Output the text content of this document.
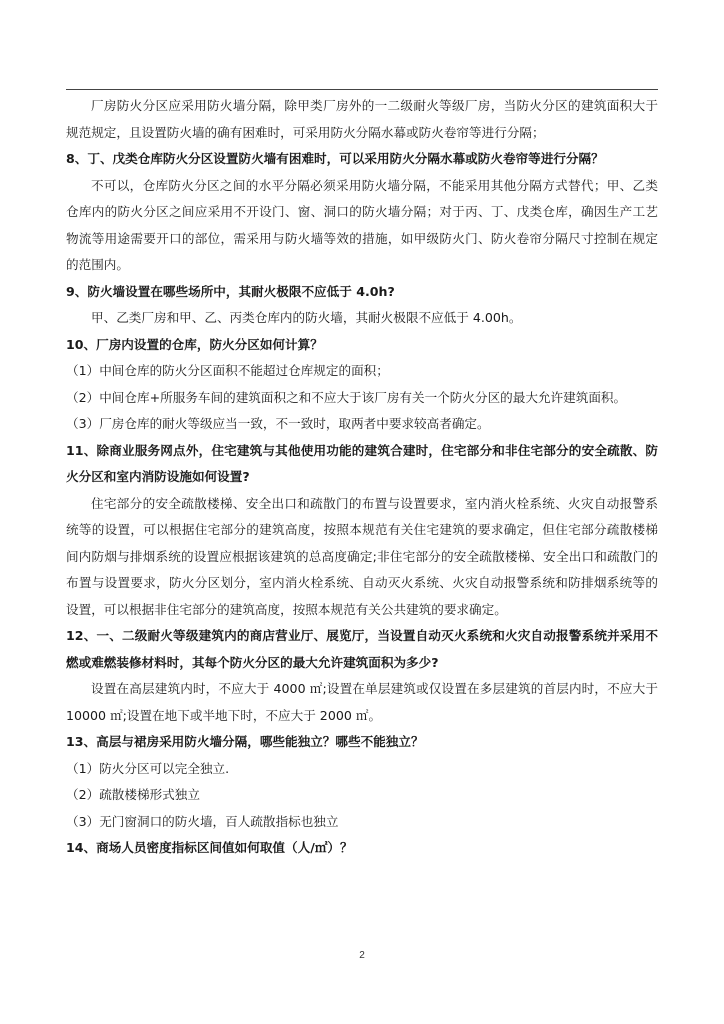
厂房防火分区应采用防火墙分隔，除甲类厂房外的一二级耐火等级厂房，当防火分区的建筑面积大于
规范规定，且设置防火墙的确有困难时，可采用防火分隔水幕或防火卷帘等进行分隔；
8、丁、戊类仓库防火分区设置防火墙有困难时，可以采用防火分隔水幕或防火卷帘等进行分隔？
不可以，仓库防火分区之间的水平分隔必须采用防火墙分隔，不能采用其他分隔方式替代；甲、乙类
仓库内的防火分区之间应采用不开设门、窗、洞口的防火墙分隔；对于丙、丁、戊类仓库，确因生产工艺
物流等用途需要开口的部位，需采用与防火墙等效的措施，如甲级防火门、防火卷帘分隔尺寸控制在规定
的范围内。
9、防火墙设置在哪些场所中，其耐火极限不应低于 4.0h?
甲、乙类厂房和甲、乙、丙类仓库内的防火墙，其耐火极限不应低于 4.00h。
10、厂房内设置的仓库，防火分区如何计算？
（1）中间仓库的防火分区面积不能超过仓库规定的面积；
（2）中间仓库+所服务车间的建筑面积之和不应大于该厂房有关一个防火分区的最大允许建筑面积。
（3）厂房仓库的耐火等级应当一致，不一致时，取两者中要求较高者确定。
11、除商业服务网点外，住宅建筑与其他使用功能的建筑合建时，住宅部分和非住宅部分的安全疏散、防
火分区和室内消防设施如何设置?
住宅部分的安全疏散楼梯、安全出口和疏散门的布置与设置要求，室内消火栓系统、火灾自动报警系
统等的设置，可以根据住宅部分的建筑高度，按照本规范有关住宅建筑的要求确定，但住宅部分疏散楼梯
间内防烟与排烟系统的设置应根据该建筑的总高度确定;非住宅部分的安全疏散楼梯、安全出口和疏散门的
布置与设置要求，防火分区划分，室内消火栓系统、自动灭火系统、火灾自动报警系统和防排烟系统等的
设置，可以根据非住宅部分的建筑高度，按照本规范有关公共建筑的要求确定。
12、一、二级耐火等级建筑内的商店营业厅、展览厅，当设置自动灭火系统和火灾自动报警系统并采用不
燃或难燃装修材料时，其每个防火分区的最大允许建筑面积为多少?
设置在高层建筑内时，不应大于 4000 ㎡;设置在单层建筑或仅设置在多层建筑的首层内时，不应大于
10000 ㎡;设置在地下或半地下时，不应大于 2000 ㎡。
13、高层与裙房采用防火墙分隔，哪些能独立？哪些不能独立？
（1）防火分区可以完全独立.
（2）疏散楼梯形式独立
（3）无门窗洞口的防火墙，百人疏散指标也独立
14、商场人员密度指标区间值如何取值（人/㎡）？
2
